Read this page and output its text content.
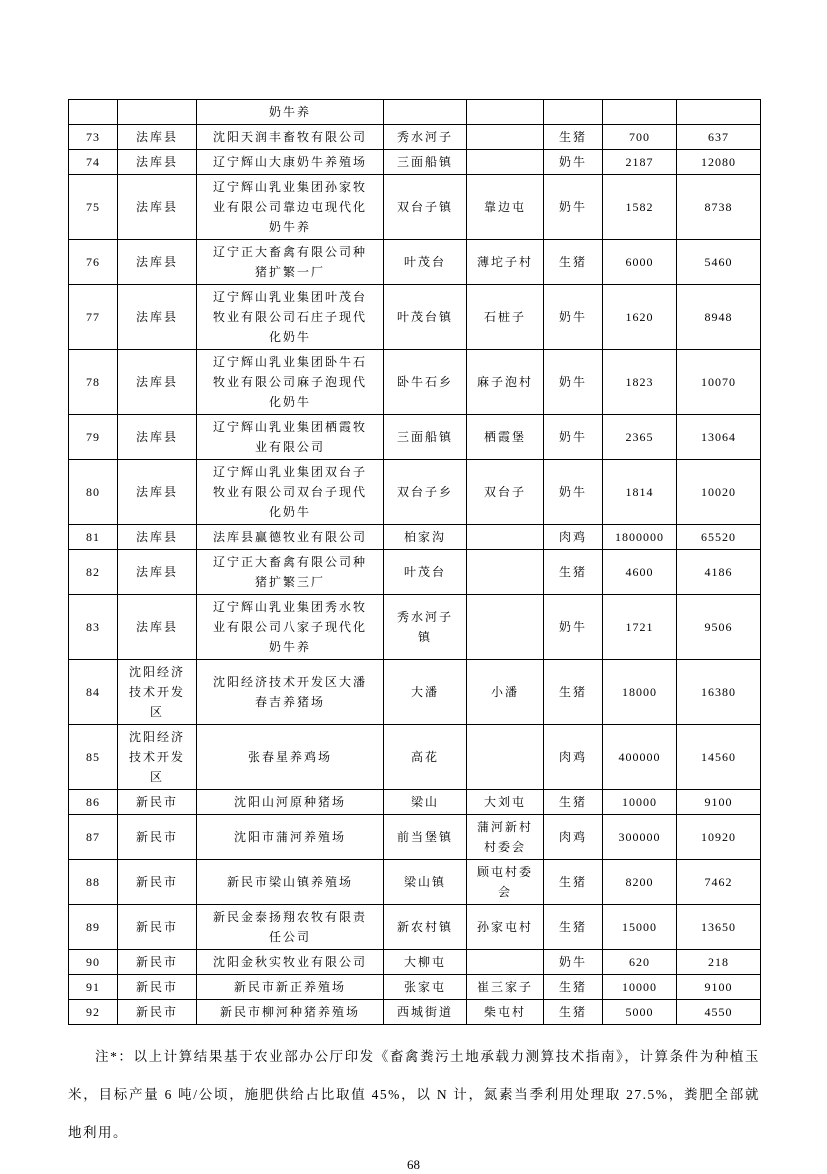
		奶牛养					
73	法库县	沈阳天润丰畜牧有限公司	秀水河子		生猪	700	637
74	法库县	辽宁辉山大康奶牛养殖场	三面船镇		奶牛	2187	12080
75	法库县	辽宁辉山乳业集团孙家牧业有限公司靠边屯现代化奶牛养	双台子镇	靠边屯	奶牛	1582	8738
76	法库县	辽宁正大畜禽有限公司种猪扩繁一厂	叶茂台	薄坨子村	生猪	6000	5460
77	法库县	辽宁辉山乳业集团叶茂台牧业有限公司石庄子现代化奶牛	叶茂台镇	石桩子	奶牛	1620	8948
78	法库县	辽宁辉山乳业集团卧牛石牧业有限公司麻子泡现代化奶牛	卧牛石乡	麻子泡村	奶牛	1823	10070
79	法库县	辽宁辉山乳业集团栖霞牧业有限公司	三面船镇	栖霞堡	奶牛	2365	13064
80	法库县	辽宁辉山乳业集团双台子牧业有限公司双台子现代化奶牛	双台子乡	双台子	奶牛	1814	10020
81	法库县	法库县赢德牧业有限公司	柏家沟		肉鸡	1800000	65520
82	法库县	辽宁正大畜禽有限公司种猪扩繁三厂	叶茂台		生猪	4600	4186
83	法库县	辽宁辉山乳业集团秀水牧业有限公司八家子现代化奶牛养	秀水河子镇		奶牛	1721	9506
84	沈阳经济技术开发区	沈阳经济技术开发区大潘春吉养猪场	大潘	小潘	生猪	18000	16380
85	沈阳经济技术开发区	张春星养鸡场	高花		肉鸡	400000	14560
86	新民市	沈阳山河原种猪场	梁山	大刘屯	生猪	10000	9100
87	新民市	沈阳市蒲河养殖场	前当堡镇	蒲河新村村委会	肉鸡	300000	10920
88	新民市	新民市梁山镇养殖场	梁山镇	顾屯村委会	生猪	8200	7462
89	新民市	新民金泰扬翔农牧有限责任公司	新农村镇	孙家屯村	生猪	15000	13650
90	新民市	沈阳金秋实牧业有限公司	大柳屯		奶牛	620	218
91	新民市	新民市新正养殖场	张家屯	崔三家子	生猪	10000	9100
92	新民市	新民市柳河种猪养殖场	西城街道	柴屯村	生猪	5000	4550
注*：以上计算结果基于农业部办公厅印发《畜禽粪污土地承载力测算技术指南》，计算条件为种植玉米，目标产量 6 吨/公顷，施肥供给占比取值 45%，以 N 计，氮素当季利用处理取 27.5%，粪肥全部就地利用。
68
